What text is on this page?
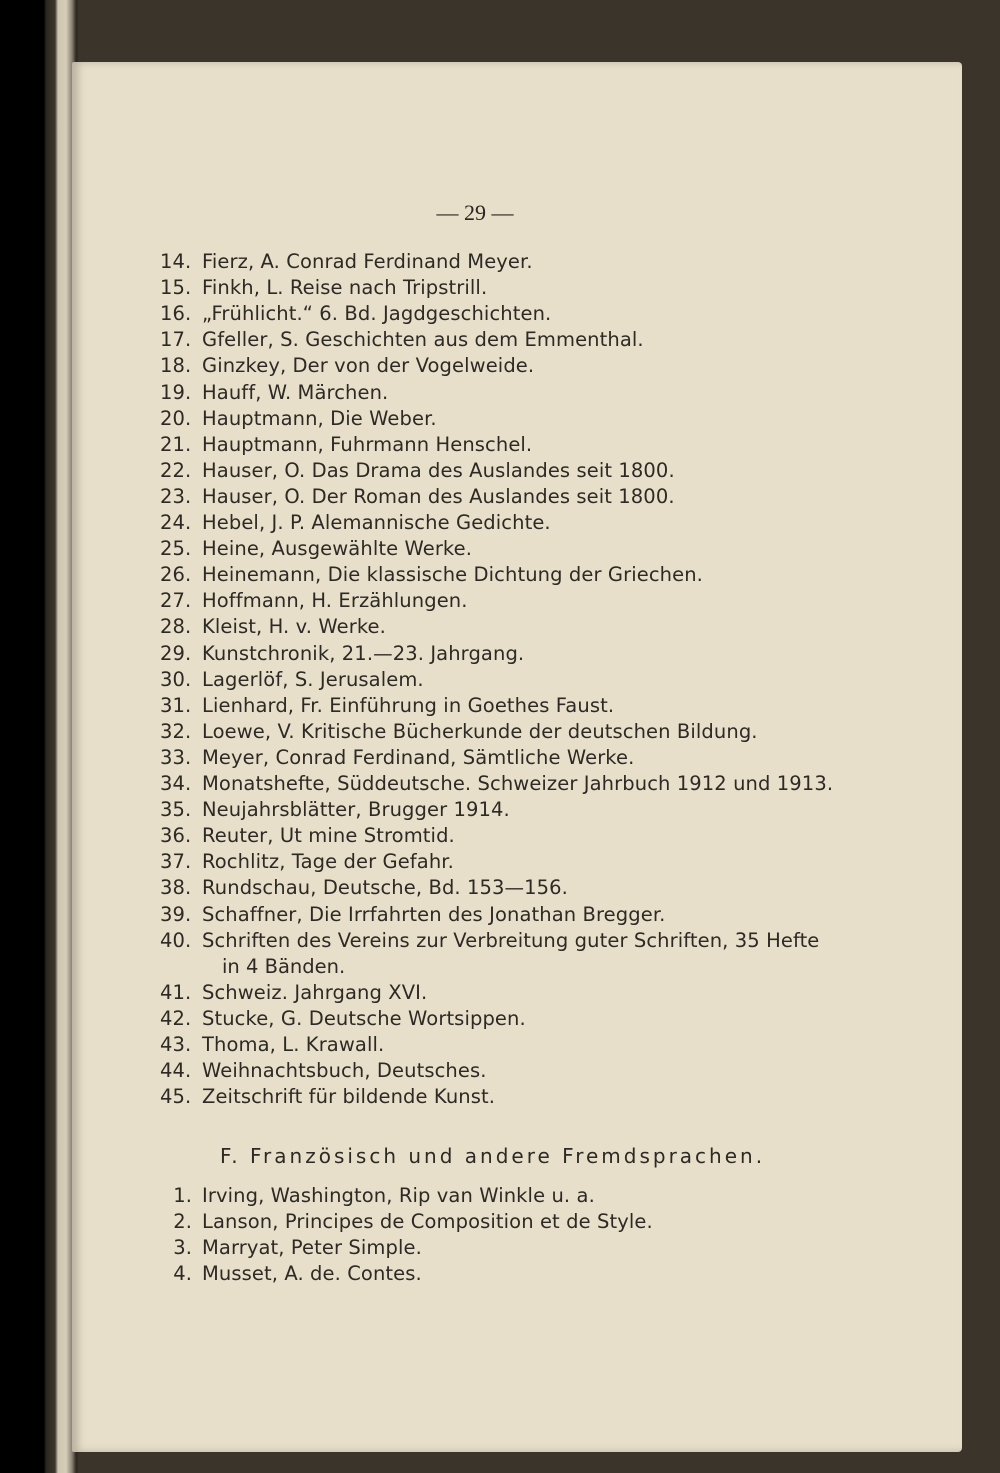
— 29 —
14. Fierz, A. Conrad Ferdinand Meyer.
15. Finkh, L. Reise nach Tripstrill.
16. „Frühlicht.“ 6. Bd. Jagdgeschichten.
17. Gfeller, S. Geschichten aus dem Emmenthal.
18. Ginzkey, Der von der Vogelweide.
19. Hauff, W. Märchen.
20. Hauptmann, Die Weber.
21. Hauptmann, Fuhrmann Henschel.
22. Hauser, O. Das Drama des Auslandes seit 1800.
23. Hauser, O. Der Roman des Auslandes seit 1800.
24. Hebel, J. P. Alemannische Gedichte.
25. Heine, Ausgewählte Werke.
26. Heinemann, Die klassische Dichtung der Griechen.
27. Hoffmann, H. Erzählungen.
28. Kleist, H. v. Werke.
29. Kunstchronik, 21.—23. Jahrgang.
30. Lagerlöf, S. Jerusalem.
31. Lienhard, Fr. Einführung in Goethes Faust.
32. Loewe, V. Kritische Bücherkunde der deutschen Bildung.
33. Meyer, Conrad Ferdinand, Sämtliche Werke.
34. Monatshefte, Süddeutsche. Schweizer Jahrbuch 1912 und 1913.
35. Neujahrsblätter, Brugger 1914.
36. Reuter, Ut mine Stromtid.
37. Rochlitz, Tage der Gefahr.
38. Rundschau, Deutsche, Bd. 153—156.
39. Schaffner, Die Irrfahrten des Jonathan Bregger.
40. Schriften des Vereins zur Verbreitung guter Schriften, 35 Hefte
in 4 Bänden.
41. Schweiz. Jahrgang XVI.
42. Stucke, G. Deutsche Wortsippen.
43. Thoma, L. Krawall.
44. Weihnachtsbuch, Deutsches.
45. Zeitschrift für bildende Kunst.
F. Französisch und andere Fremdsprachen.
1. Irving, Washington, Rip van Winkle u. a.
2. Lanson, Principes de Composition et de Style.
3. Marryat, Peter Simple.
4. Musset, A. de. Contes.
